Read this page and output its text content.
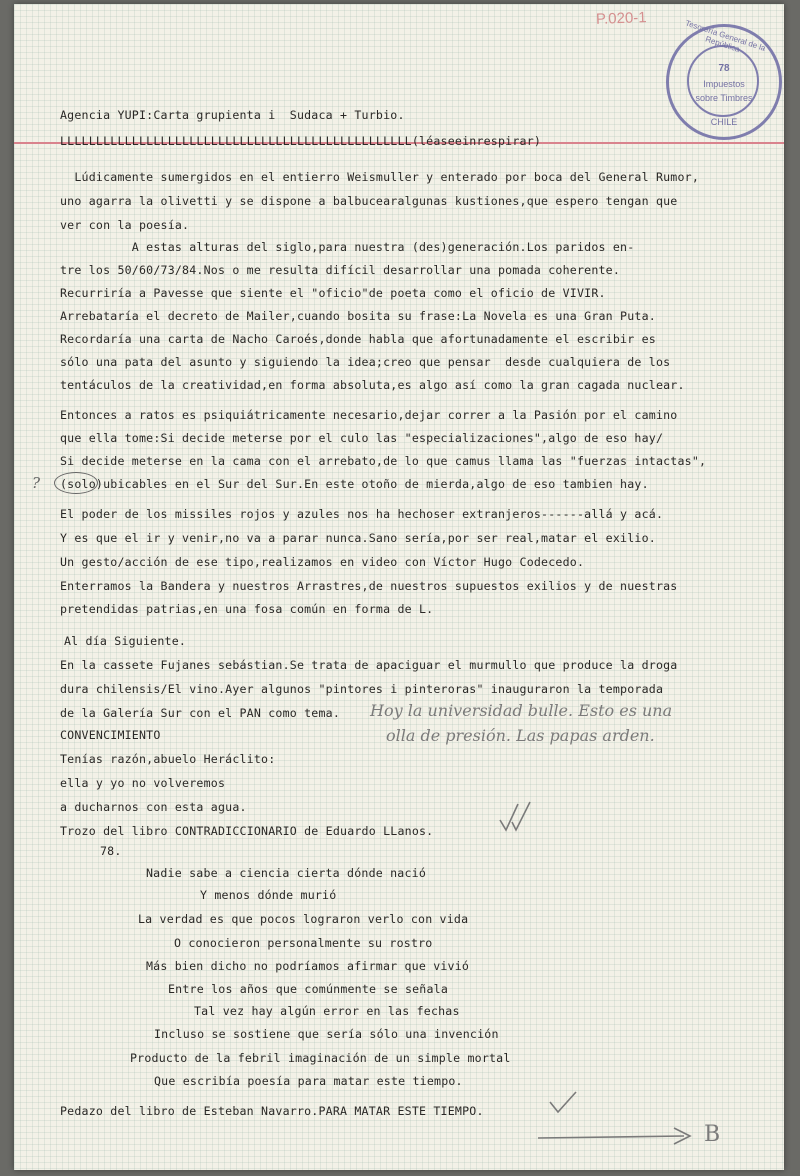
P.020-1
Tesorería General de la República
78
Impuestos
sobre Timbres
CHILE
Agencia YUPI:Carta grupienta i  Sudaca + Turbio.
LLLLLLLLLLLLLLLLLLLLLLLLLLLLLLLLLLLLLLLLLLLLLLLLL(léaseeinrespirar)
Lúdicamente sumergidos en el entierro Weismuller y enterado por boca del General Rumor,
uno agarra la olivetti y se dispone a balbucearalgunas kustiones,que espero tengan que
ver con la poesía.
A estas alturas del siglo,para nuestra (des)generación.Los paridos en-
tre los 50/60/73/84.Nos o me resulta difícil desarrollar una pomada coherente.
Recurriría a Pavesse que siente el "oficio"de poeta como el oficio de VIVIR.
Arrebataría el decreto de Mailer,cuando bosita su frase:La Novela es una Gran Puta.
Recordaría una carta de Nacho Caroés,donde habla que afortunadamente el escribir es
sólo una pata del asunto y siguiendo la idea;creo que pensar  desde cualquiera de los
tentáculos de la creatividad,en forma absoluta,es algo así como la gran cagada nuclear.
Entonces a ratos es psiquiátricamente necesario,dejar correr a la Pasión por el camino
que ella tome:Si decide meterse por el culo las "especializaciones",algo de eso hay/
Si decide meterse en la cama con el arrebato,de lo que camus llama las "fuerzas intactas",
(solo)ubicables en el Sur del Sur.En este otoño de mierda,algo de eso tambien hay.
El poder de los missiles rojos y azules nos ha hechoser extranjeros------allá y acá.
Y es que el ir y venir,no va a parar nunca.Sano sería,por ser real,matar el exilio.
Un gesto/acción de ese tipo,realizamos en video con Víctor Hugo Codecedo.
Enterramos la Bandera y nuestros Arrastres,de nuestros supuestos exilios y de nuestras
pretendidas patrias,en una fosa común en forma de L.
Al día Siguiente.
En la cassete Fujanes sebástian.Se trata de apaciguar el murmullo que produce la droga
dura chilensis/El vino.Ayer algunos "pintores i pinteroras" inauguraron la temporada
de la Galería Sur con el PAN como tema.
CONVENCIMIENTO
Tenías razón,abuelo Heráclito:
ella y yo no volveremos
a ducharnos con esta agua.
Trozo del libro CONTRADICCIONARIO de Eduardo LLanos.
78.
Nadie sabe a ciencia cierta dónde nació
Y menos dónde murió
La verdad es que pocos lograron verlo con vida
O conocieron personalmente su rostro
Más bien dicho no podríamos afirmar que vivió
Entre los años que comúnmente se señala
Tal vez hay algún error en las fechas
Incluso se sostiene que sería sólo una invención
Producto de la febril imaginación de un simple mortal
Que escribía poesía para matar este tiempo.
Pedazo del libro de Esteban Navarro.PARA MATAR ESTE TIEMPO.
Hoy la universidad bulle. Esto es una
olla de presión. Las papas arden.
?
B
